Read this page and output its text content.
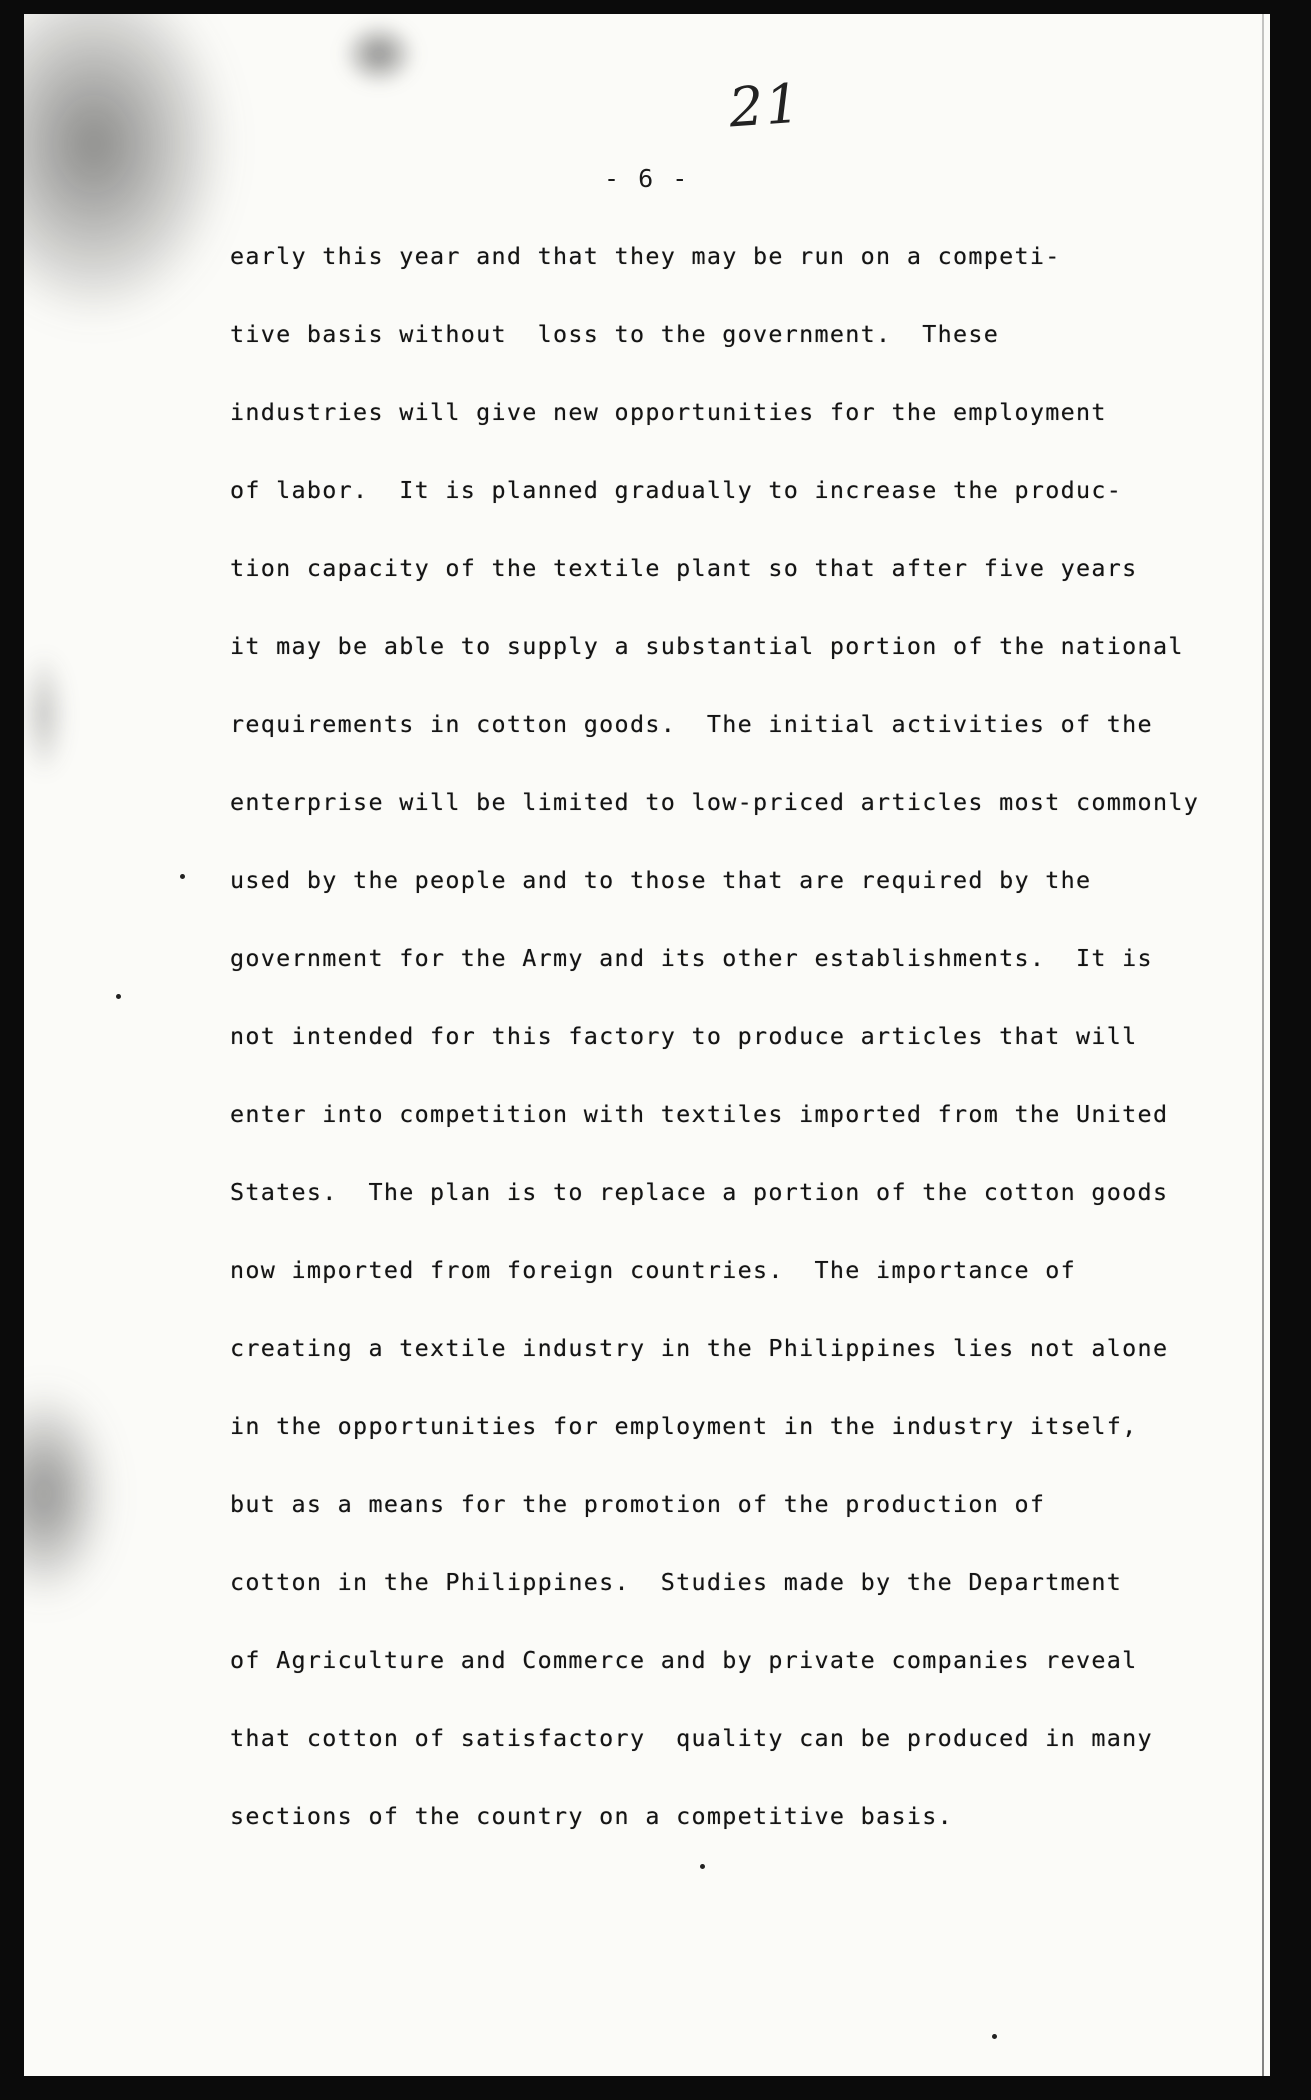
21
- 6 -
early this year and that they may be run on a competi-
tive basis without  loss to the government.  These
industries will give new opportunities for the employment
of labor.  It is planned gradually to increase the produc-
tion capacity of the textile plant so that after five years
it may be able to supply a substantial portion of the national
requirements in cotton goods.  The initial activities of the
enterprise will be limited to low-priced articles most commonly
used by the people and to those that are required by the
government for the Army and its other establishments.  It is
not intended for this factory to produce articles that will
enter into competition with textiles imported from the United
States.  The plan is to replace a portion of the cotton goods
now imported from foreign countries.  The importance of
creating a textile industry in the Philippines lies not alone
in the opportunities for employment in the industry itself,
but as a means for the promotion of the production of
cotton in the Philippines.  Studies made by the Department
of Agriculture and Commerce and by private companies reveal
that cotton of satisfactory  quality can be produced in many
sections of the country on a competitive basis.
